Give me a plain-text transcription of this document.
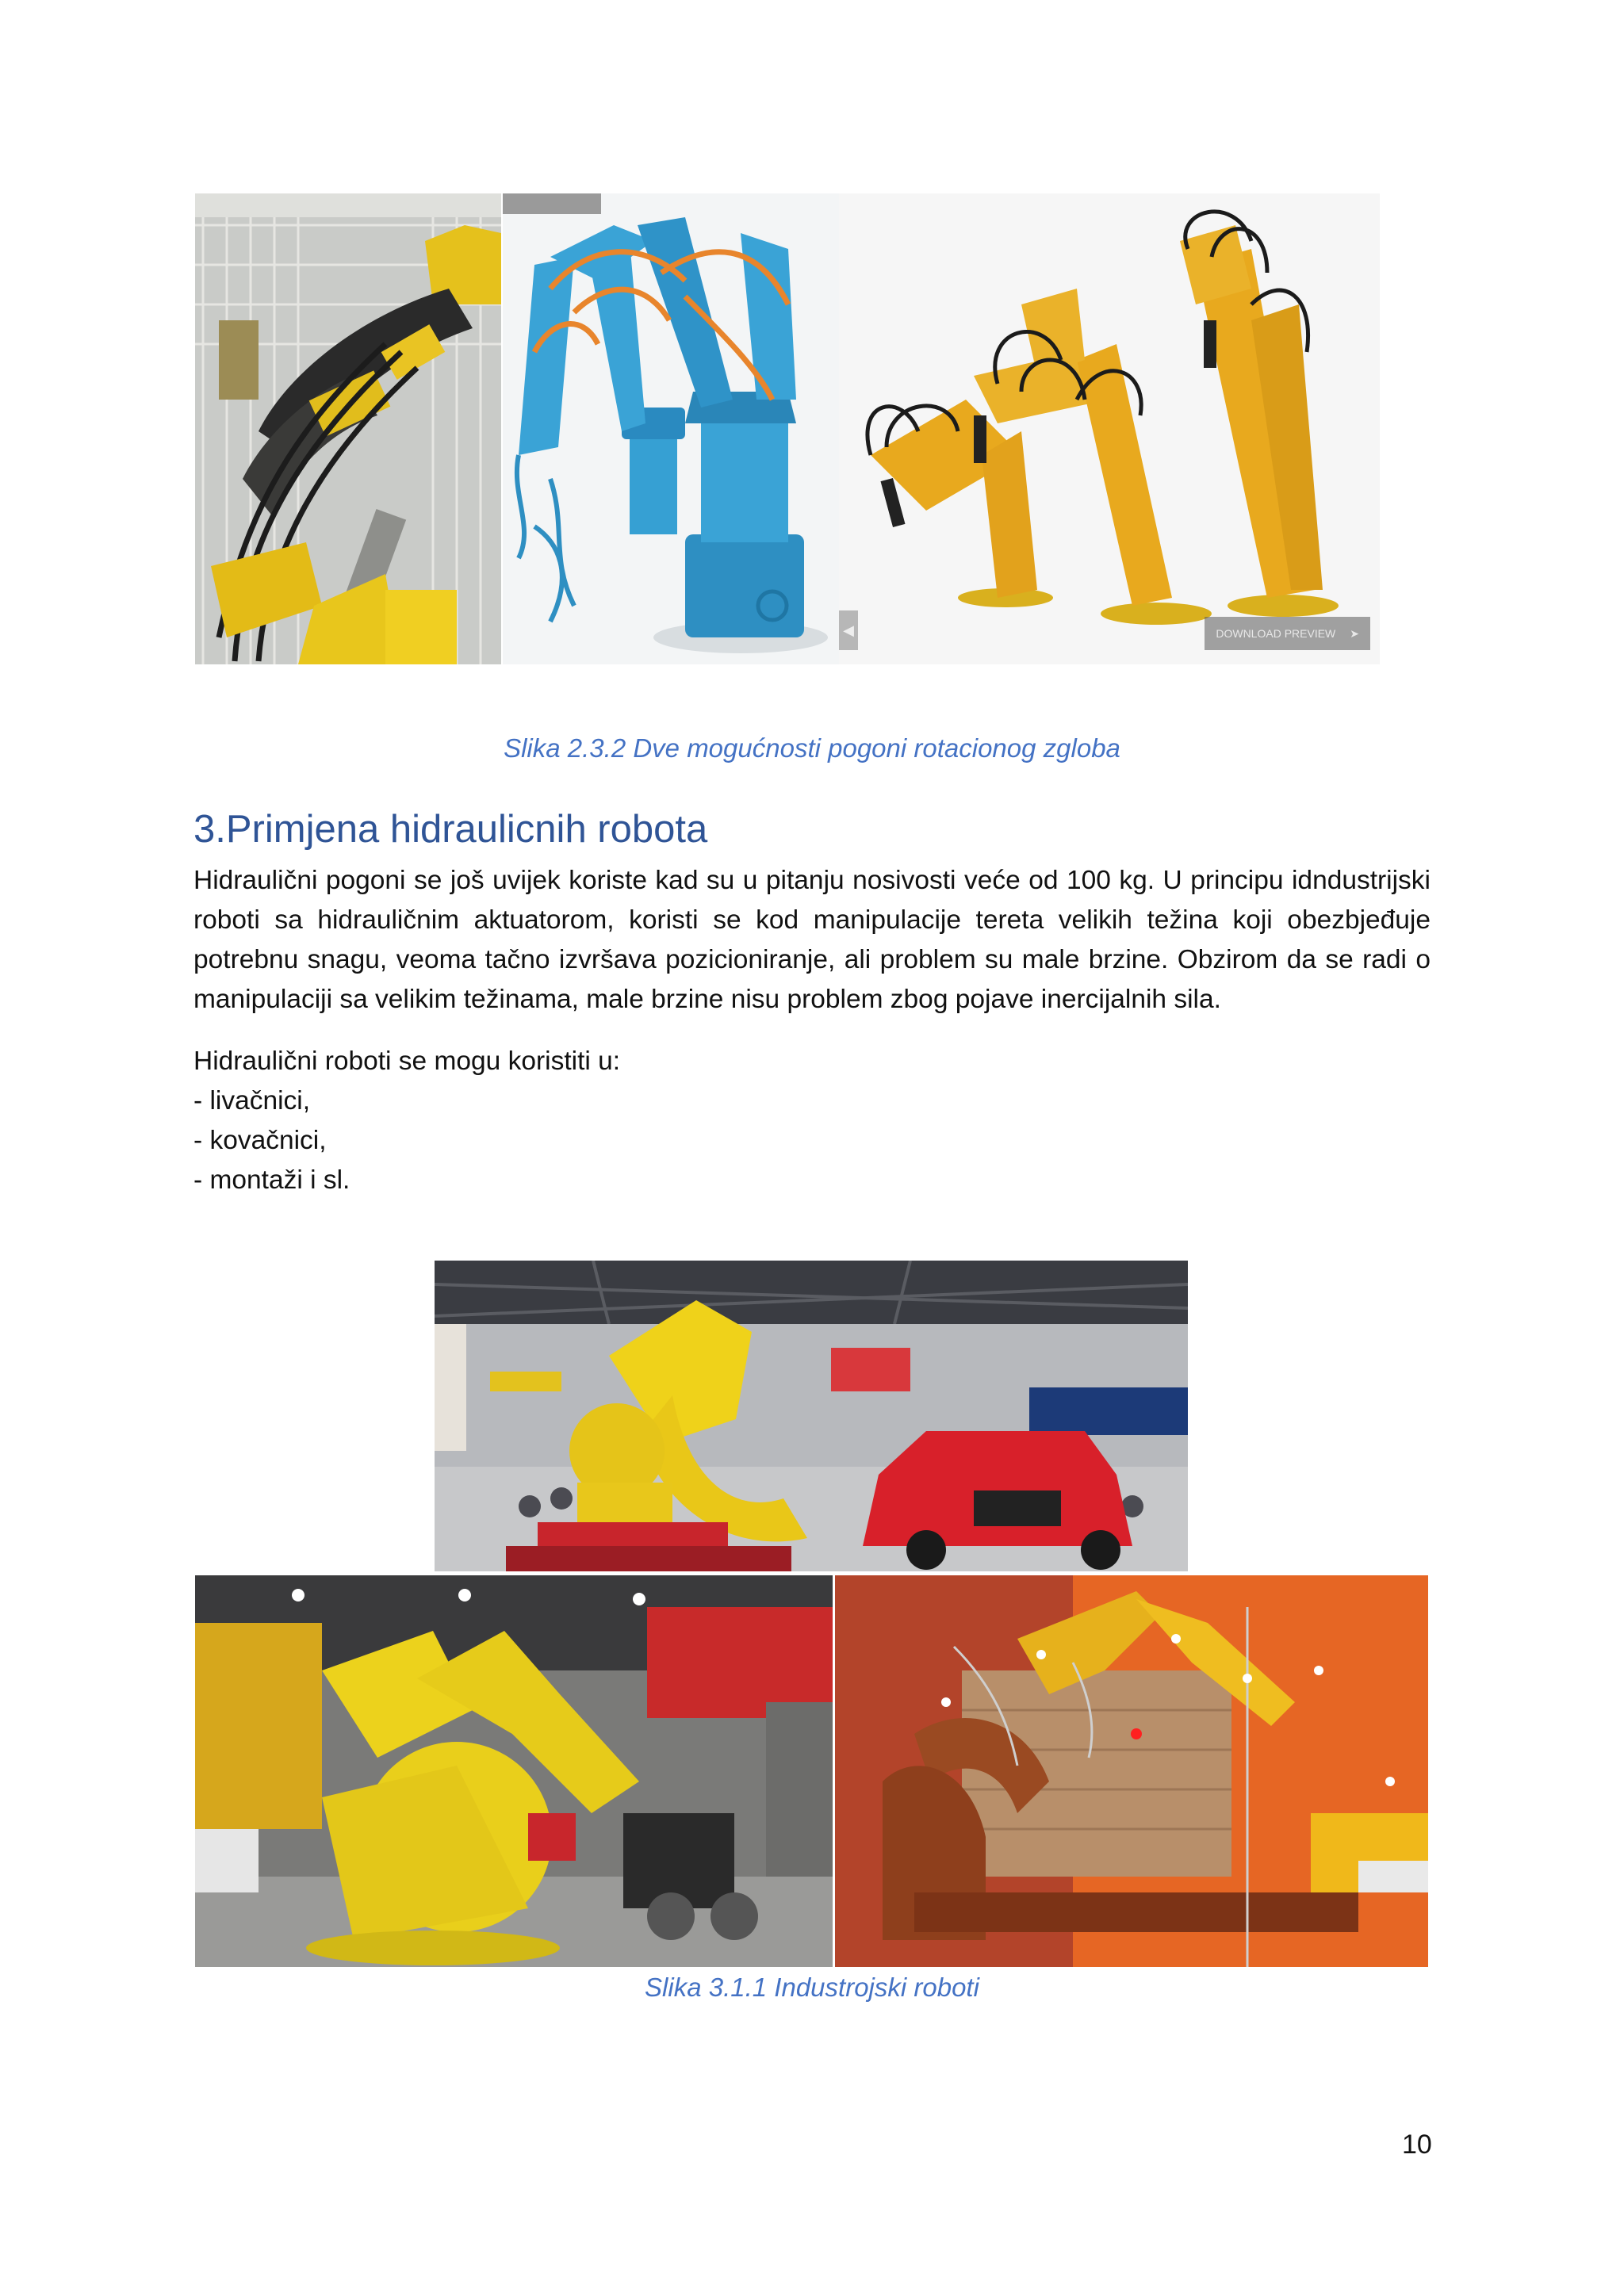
◀	DOWNLOAD PREVIEW ➤
Slika 2.3.2 Dve mogućnosti pogoni rotacionog zgloba
3.Primjena hidraulicnih robota

Hidraulični pogoni se još uvijek koriste kad su u pitanju nosivosti veće od 100 kg. U principu idndustrijski roboti sa hidrauličnim aktuatorom, koristi se kod manipulacije tereta velikih težina koji obezbjeđuje potrebnu snagu, veoma tačno izvršava pozicioniranje, ali problem su male brzine. Obzirom da se radi o manipulaciji sa velikim težinama, male brzine nisu problem zbog pojave inercijalnih sila.

Hidraulični roboti se mogu koristiti u:
- livačnici,
- kovačnici,
- montaži i sl.
Slika 3.1.1 Industrojski roboti
10
